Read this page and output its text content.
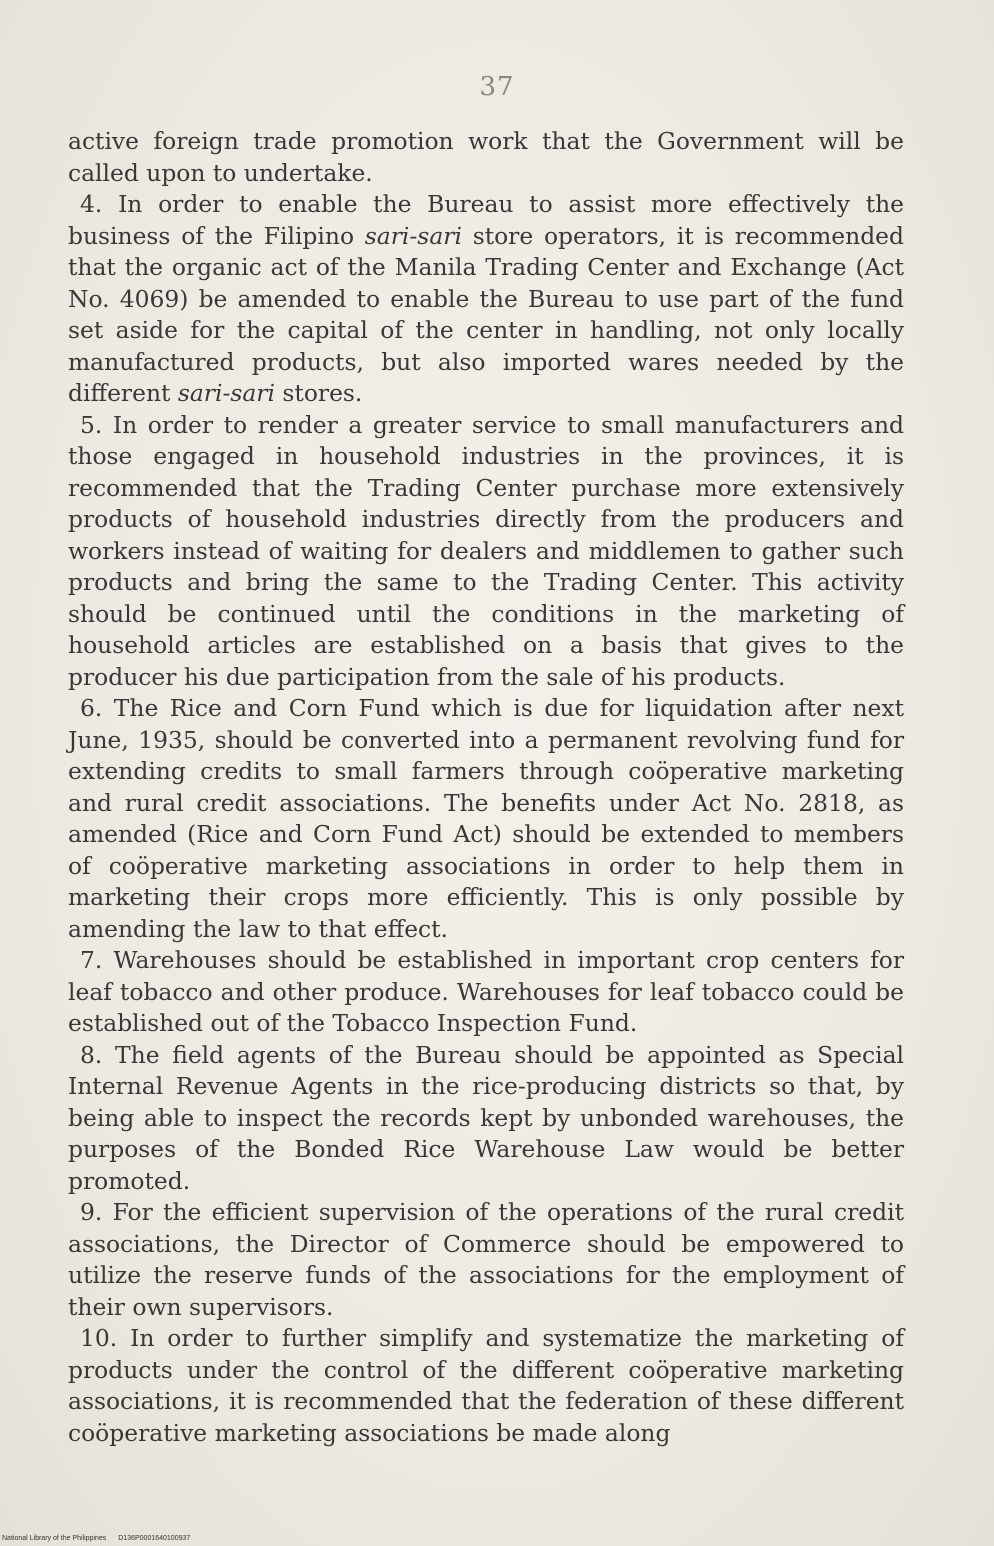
37

active foreign trade promotion work that the Government will be called upon to undertake.

4. In order to enable the Bureau to assist more effectively the business of the Filipino sari-sari store operators, it is recommended that the organic act of the Manila Trading Center and Exchange (Act No. 4069) be amended to enable the Bureau to use part of the fund set aside for the capital of the center in handling, not only locally manufactured products, but also imported wares needed by the different sari-sari stores.

5. In order to render a greater service to small manufacturers and those engaged in household industries in the provinces, it is recommended that the Trading Center purchase more extensively products of household industries directly from the producers and workers instead of waiting for dealers and middlemen to gather such products and bring the same to the Trading Center. This activity should be continued until the conditions in the marketing of household articles are established on a basis that gives to the producer his due participation from the sale of his products.

6. The Rice and Corn Fund which is due for liquidation after next June, 1935, should be converted into a permanent revolving fund for extending credits to small farmers through coöperative marketing and rural credit associations. The benefits under Act No. 2818, as amended (Rice and Corn Fund Act) should be extended to members of coöperative marketing associations in order to help them in marketing their crops more efficiently. This is only possible by amending the law to that effect.

7. Warehouses should be established in important crop centers for leaf tobacco and other produce. Warehouses for leaf tobacco could be established out of the Tobacco Inspection Fund.

8. The field agents of the Bureau should be appointed as Special Internal Revenue Agents in the rice-producing districts so that, by being able to inspect the records kept by unbonded warehouses, the purposes of the Bonded Rice Warehouse Law would be better promoted.

9. For the efficient supervision of the operations of the rural credit associations, the Director of Commerce should be empowered to utilize the reserve funds of the associations for the employment of their own supervisors.

10. In order to further simplify and systematize the marketing of products under the control of the different coöperative marketing associations, it is recommended that the federation of these different coöperative marketing associations be made along

National Library of the Philippines D136P0001640100937
